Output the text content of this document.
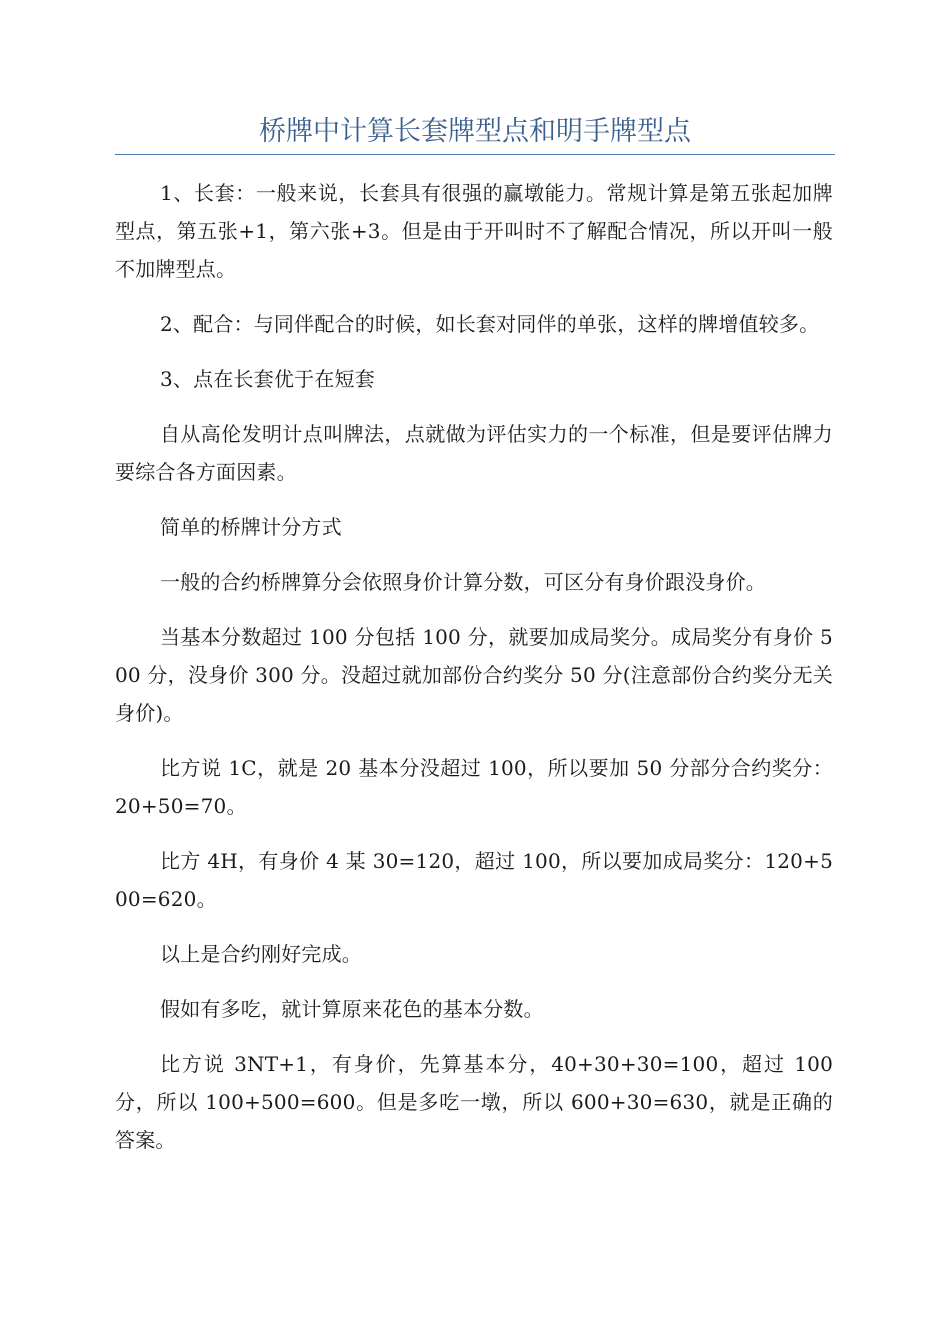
桥牌中计算长套牌型点和明手牌型点

1、长套：一般来说，长套具有很强的赢墩能力。常规计算是第五张起加牌型点，第五张+1，第六张+3。但是由于开叫时不了解配合情况，所以开叫一般不加牌型点。

2、配合：与同伴配合的时候，如长套对同伴的单张，这样的牌增值较多。

3、点在长套优于在短套

自从高伦发明计点叫牌法，点就做为评估实力的一个标准，但是要评估牌力要综合各方面因素。

简单的桥牌计分方式

一般的合约桥牌算分会依照身价计算分数，可区分有身价跟没身价。

当基本分数超过 100 分包括 100 分，就要加成局奖分。成局奖分有身价 500 分，没身价 300 分。没超过就加部份合约奖分 50 分(注意部份合约奖分无关身价)。

比方说 1C，就是 20 基本分没超过 100，所以要加 50 分部分合约奖分：20+50=70。

比方 4H，有身价 4 某 30=120，超过 100，所以要加成局奖分：120+500=620。

以上是合约刚好完成。

假如有多吃，就计算原来花色的基本分数。

比方说 3NT+1，有身价，先算基本分，40+30+30=100，超过 100 分，所以 100+500=600。但是多吃一墩，所以 600+30=630，就是正确的答案。
